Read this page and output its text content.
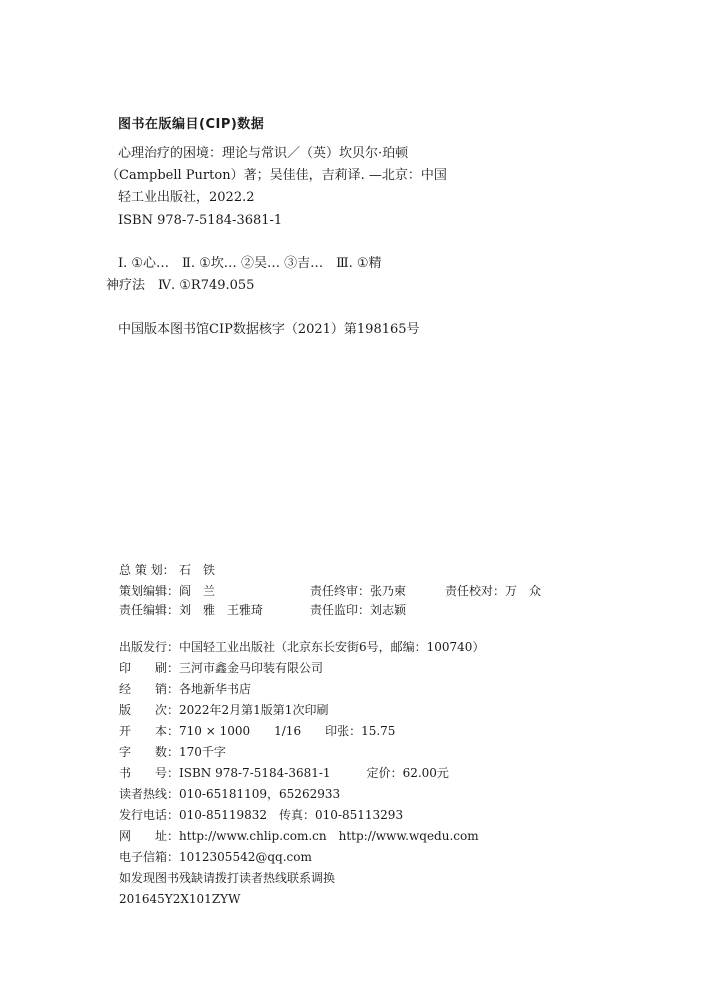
图书在版编目(CIP)数据
心理治疗的困境：理论与常识／（英）坎贝尔·珀顿
（Campbell Purton）著；吴佳佳，吉莉译. —北京：中国
轻工业出版社，2022.2
ISBN 978-7-5184-3681-1
Ⅰ. ①心…　Ⅱ. ①坎… ②吴… ③吉…　Ⅲ. ①精
神疗法　Ⅳ. ①R749.055
中国版本图书馆CIP数据核字（2021）第198165号
总 策 划： 石　铁
策划编辑：阎　兰	责任终审：张乃柬	责任校对：万　众
责任编辑：刘　雅　王雅琦	责任监印：刘志颖
出版发行：中国轻工业出版社（北京东长安街6号，邮编：100740）
印　　刷：三河市鑫金马印装有限公司
经　　销：各地新华书店
版　　次：2022年2月第1版第1次印刷
开　　本：710 × 1000　　1/16　　印张：15.75
字　　数：170千字
书　　号：ISBN 978-7-5184-3681-1　　　定价：62.00元
读者热线：010-65181109，65262933
发行电话：010-85119832　传真：010-85113293
网　　址：http://www.chlip.com.cn　http://www.wqedu.com
电子信箱：1012305542@qq.com
如发现图书残缺请拨打读者热线联系调换
201645Y2X101ZYW
